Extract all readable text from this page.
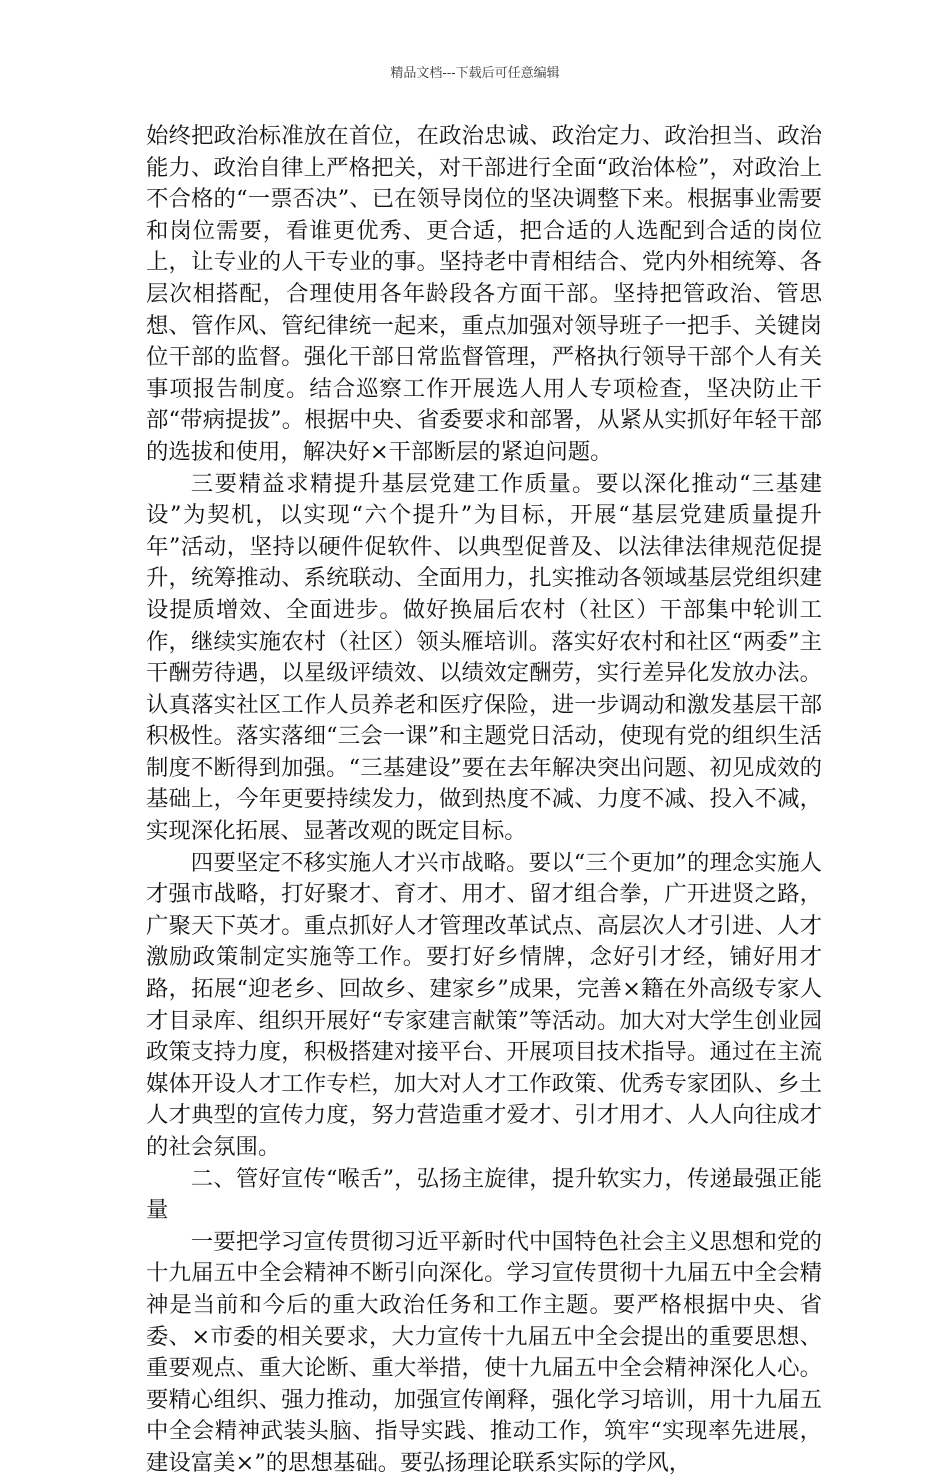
精品文档---下载后可任意编辑

始终把政治标准放在首位，在政治忠诚、政治定力、政治担当、政治能力、政治自律上严格把关，对干部进行全面“政治体检”，对政治上不合格的“一票否决”、已在领导岗位的坚决调整下来。根据事业需要和岗位需要，看谁更优秀、更合适，把合适的人选配到合适的岗位上，让专业的人干专业的事。坚持老中青相结合、党内外相统筹、各层次相搭配，合理使用各年龄段各方面干部。坚持把管政治、管思想、管作风、管纪律统一起来，重点加强对领导班子一把手、关键岗位干部的监督。强化干部日常监督管理，严格执行领导干部个人有关事项报告制度。结合巡察工作开展选人用人专项检查，坚决防止干部“带病提拔”。根据中央、省委要求和部署，从紧从实抓好年轻干部的选拔和使用，解决好×干部断层的紧迫问题。

三要精益求精提升基层党建工作质量。要以深化推动“三基建设”为契机，以实现“六个提升”为目标，开展“基层党建质量提升年”活动，坚持以硬件促软件、以典型促普及、以法律法律规范促提升，统筹推动、系统联动、全面用力，扎实推动各领域基层党组织建设提质增效、全面进步。做好换届后农村（社区）干部集中轮训工作，继续实施农村（社区）领头雁培训。落实好农村和社区“两委”主干酬劳待遇，以星级评绩效、以绩效定酬劳，实行差异化发放办法。认真落实社区工作人员养老和医疗保险，进一步调动和激发基层干部积极性。落实落细“三会一课”和主题党日活动，使现有党的组织生活制度不断得到加强。“三基建设”要在去年解决突出问题、初见成效的基础上，今年更要持续发力，做到热度不减、力度不减、投入不减，实现深化拓展、显著改观的既定目标。

四要坚定不移实施人才兴市战略。要以“三个更加”的理念实施人才强市战略，打好聚才、育才、用才、留才组合拳，广开进贤之路，广聚天下英才。重点抓好人才管理改革试点、高层次人才引进、人才激励政策制定实施等工作。要打好乡情牌，念好引才经，铺好用才路，拓展“迎老乡、回故乡、建家乡”成果，完善×籍在外高级专家人才目录库、组织开展好“专家建言献策”等活动。加大对大学生创业园政策支持力度，积极搭建对接平台、开展项目技术指导。通过在主流媒体开设人才工作专栏，加大对人才工作政策、优秀专家团队、乡土人才典型的宣传力度，努力营造重才爱才、引才用才、人人向往成才的社会氛围。

二、管好宣传“喉舌”，弘扬主旋律，提升软实力，传递最强正能量

一要把学习宣传贯彻习近平新时代中国特色社会主义思想和党的十九届五中全会精神不断引向深化。学习宣传贯彻十九届五中全会精神是当前和今后的重大政治任务和工作主题。要严格根据中央、省委、×市委的相关要求，大力宣传十九届五中全会提出的重要思想、重要观点、重大论断、重大举措，使十九届五中全会精神深化人心。要精心组织、强力推动，加强宣传阐释，强化学习培训，用十九届五中全会精神武装头脑、指导实践、推动工作，筑牢“实现率先进展，建设富美×”的思想基础。要弘扬理论联系实际的学风，
